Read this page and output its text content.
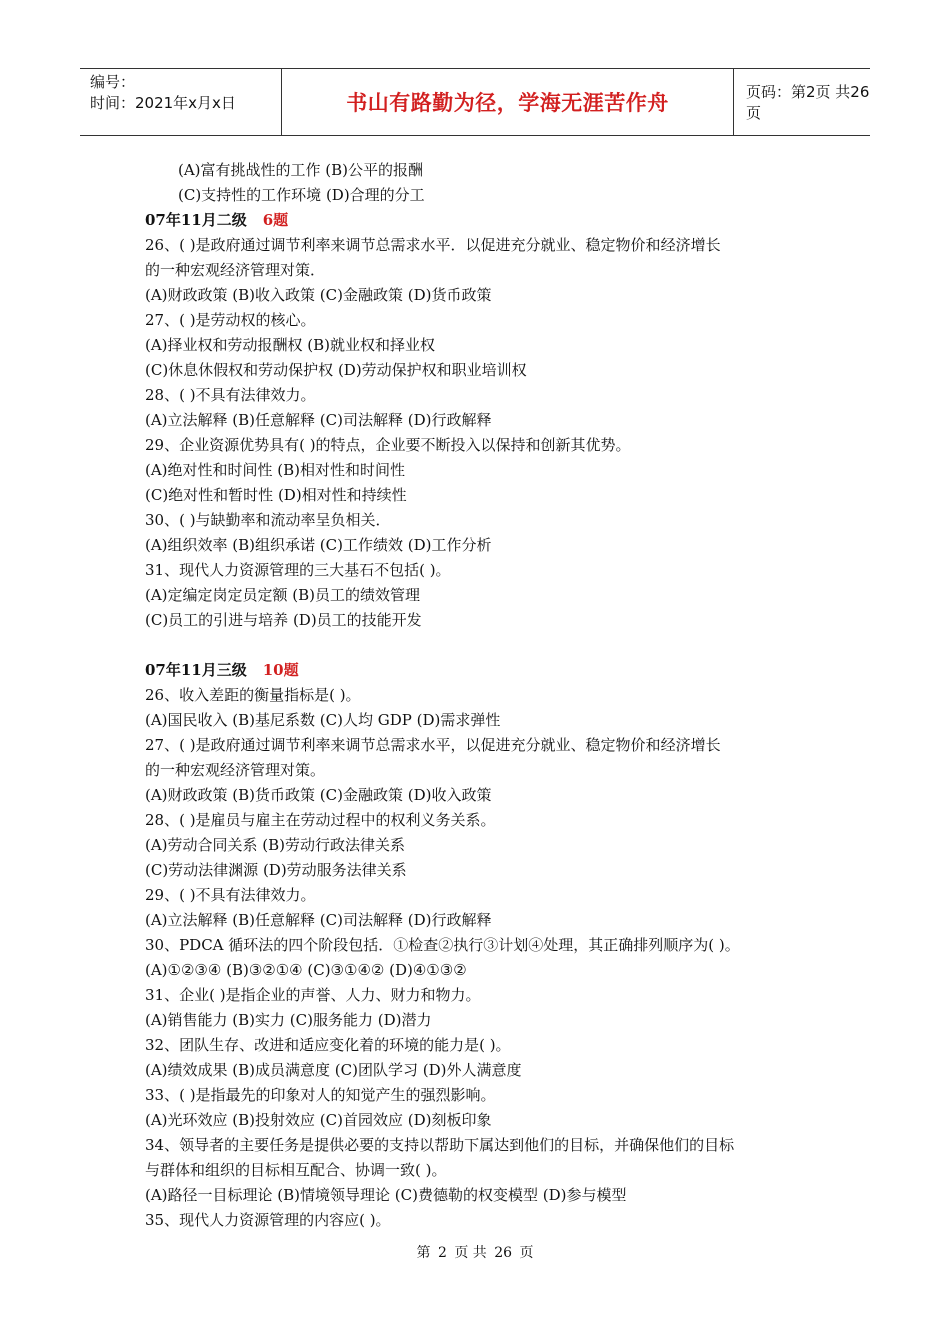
编号：
时间：2021年x月x日	书山有路勤为径，学海无涯苦作舟	页码：第2页 共26页
(A)富有挑战性的工作 (B)公平的报酬
(C)支持性的工作环境 (D)合理的分工
07年11月二级 6题
26、( )是政府通过调节利率来调节总需求水平．以促进充分就业、稳定物价和经济增长
的一种宏观经济管理对策．
(A)财政政策 (B)收入政策 (C)金融政策 (D)货币政策
27、( )是劳动权的核心。
(A)择业权和劳动报酬权 (B)就业权和择业权
(C)休息休假权和劳动保护权 (D)劳动保护权和职业培训权
28、( )不具有法律效力。
(A)立法解释 (B)任意解释 (C)司法解释 (D)行政解释
29、企业资源优势具有( )的特点，企业要不断投入以保持和创新其优势。
(A)绝对性和时间性 (B)相对性和时间性
(C)绝对性和暂时性 (D)相对性和持续性
30、( )与缺勤率和流动率呈负相关．
(A)组织效率 (B)组织承诺 (C)工作绩效 (D)工作分析
31、现代人力资源管理的三大基石不包括( )。
(A)定编定岗定员定额 (B)员工的绩效管理
(C)员工的引进与培养 (D)员工的技能开发
07年11月三级 10题
26、收入差距的衡量指标是( )。
(A)国民收入 (B)基尼系数 (C)人均 GDP (D)需求弹性
27、( )是政府通过调节利率来调节总需求水平，以促进充分就业、稳定物价和经济增长
的一种宏观经济管理对策。
(A)财政政策 (B)货币政策 (C)金融政策 (D)收入政策
28、( )是雇员与雇主在劳动过程中的权利义务关系。
(A)劳动合同关系 (B)劳动行政法律关系
(C)劳动法律渊源 (D)劳动服务法律关系
29、( )不具有法律效力。
(A)立法解释 (B)任意解释 (C)司法解释 (D)行政解释
30、PDCA 循环法的四个阶段包括．①检查②执行③计划④处理，其正确排列顺序为( )。
(A)①②③④ (B)③②①④ (C)③①④② (D)④①③②
31、企业( )是指企业的声誉、人力、财力和物力。
(A)销售能力 (B)实力 (C)服务能力 (D)潜力
32、团队生存、改进和适应变化着的环境的能力是( )。
(A)绩效成果 (B)成员满意度 (C)团队学习 (D)外人满意度
33、( )是指最先的印象对人的知觉产生的强烈影响。
(A)光环效应 (B)投射效应 (C)首园效应 (D)刻板印象
34、领导者的主要任务是提供必要的支持以帮助下属达到他们的目标，并确保他们的目标
与群体和组织的目标相互配合、协调一致( )。
(A)路径一目标理论 (B)情境领导理论 (C)费德勒的权变模型 (D)参与模型
35、现代人力资源管理的内容应( )。
第 2 页 共 26 页
